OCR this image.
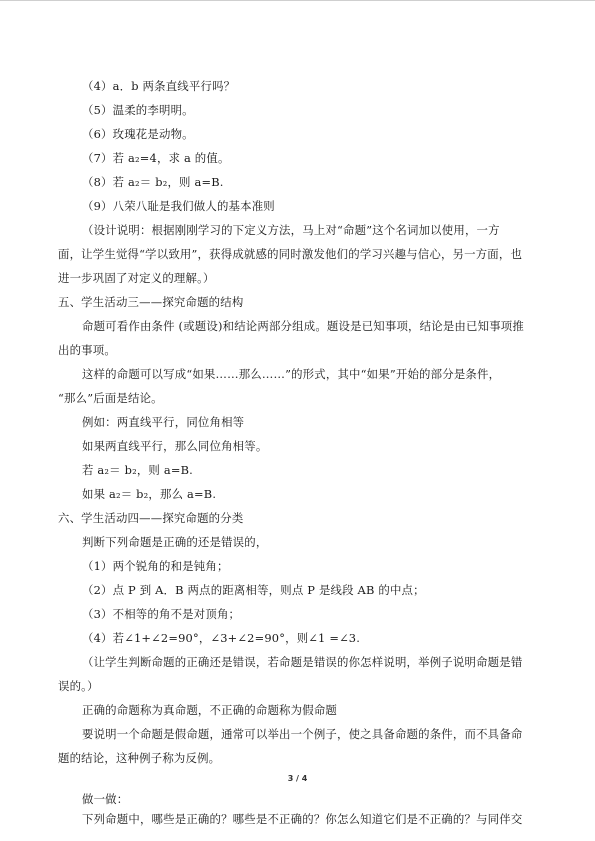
（4）a．b 两条直线平行吗？
（5）温柔的李明明。
（6）玫瑰花是动物。
（7）若 a₂=4，求 a 的值。
（8）若 a₂＝ b₂，则 a=B.
（9）八荣八耻是我们做人的基本准则
（设计说明：根据刚刚学习的下定义方法，马上对“命题”这个名词加以使用，一方
面，让学生觉得“学以致用”，获得成就感的同时激发他们的学习兴趣与信心，另一方面，也
进一步巩固了对定义的理解。）
五、学生活动三——探究命题的结构
命题可看作由条件 (或题设)和结论两部分组成。题设是已知事项，结论是由已知事项推
出的事项。
这样的命题可以写成“如果……那么……”的形式，其中“如果”开始的部分是条件，
“那么”后面是结论。
例如：两直线平行，同位角相等
如果两直线平行，那么同位角相等。
若 a₂＝ b₂，则 a=B.
如果 a₂＝ b₂，那么 a=B.
六、学生活动四——探究命题的分类
判断下列命题是正确的还是错误的，
（1）两个锐角的和是钝角；
（2）点 P 到 A．B 两点的距离相等，则点 P 是线段 AB 的中点；
（3）不相等的角不是对顶角；
（4）若∠1+∠2=90°，∠3+∠2=90°，则∠1 =∠3.
（让学生判断命题的正确还是错误，若命题是错误的你怎样说明，举例子说明命题是错
误的。）
正确的命题称为真命题，不正确的命题称为假命题
要说明一个命题是假命题，通常可以举出一个例子，使之具备命题的条件，而不具备命
题的结论，这种例子称为反例。
做一做：
下列命题中，哪些是正确的？哪些是不正确的？你怎么知道它们是不正确的？与同伴交
3 / 4
